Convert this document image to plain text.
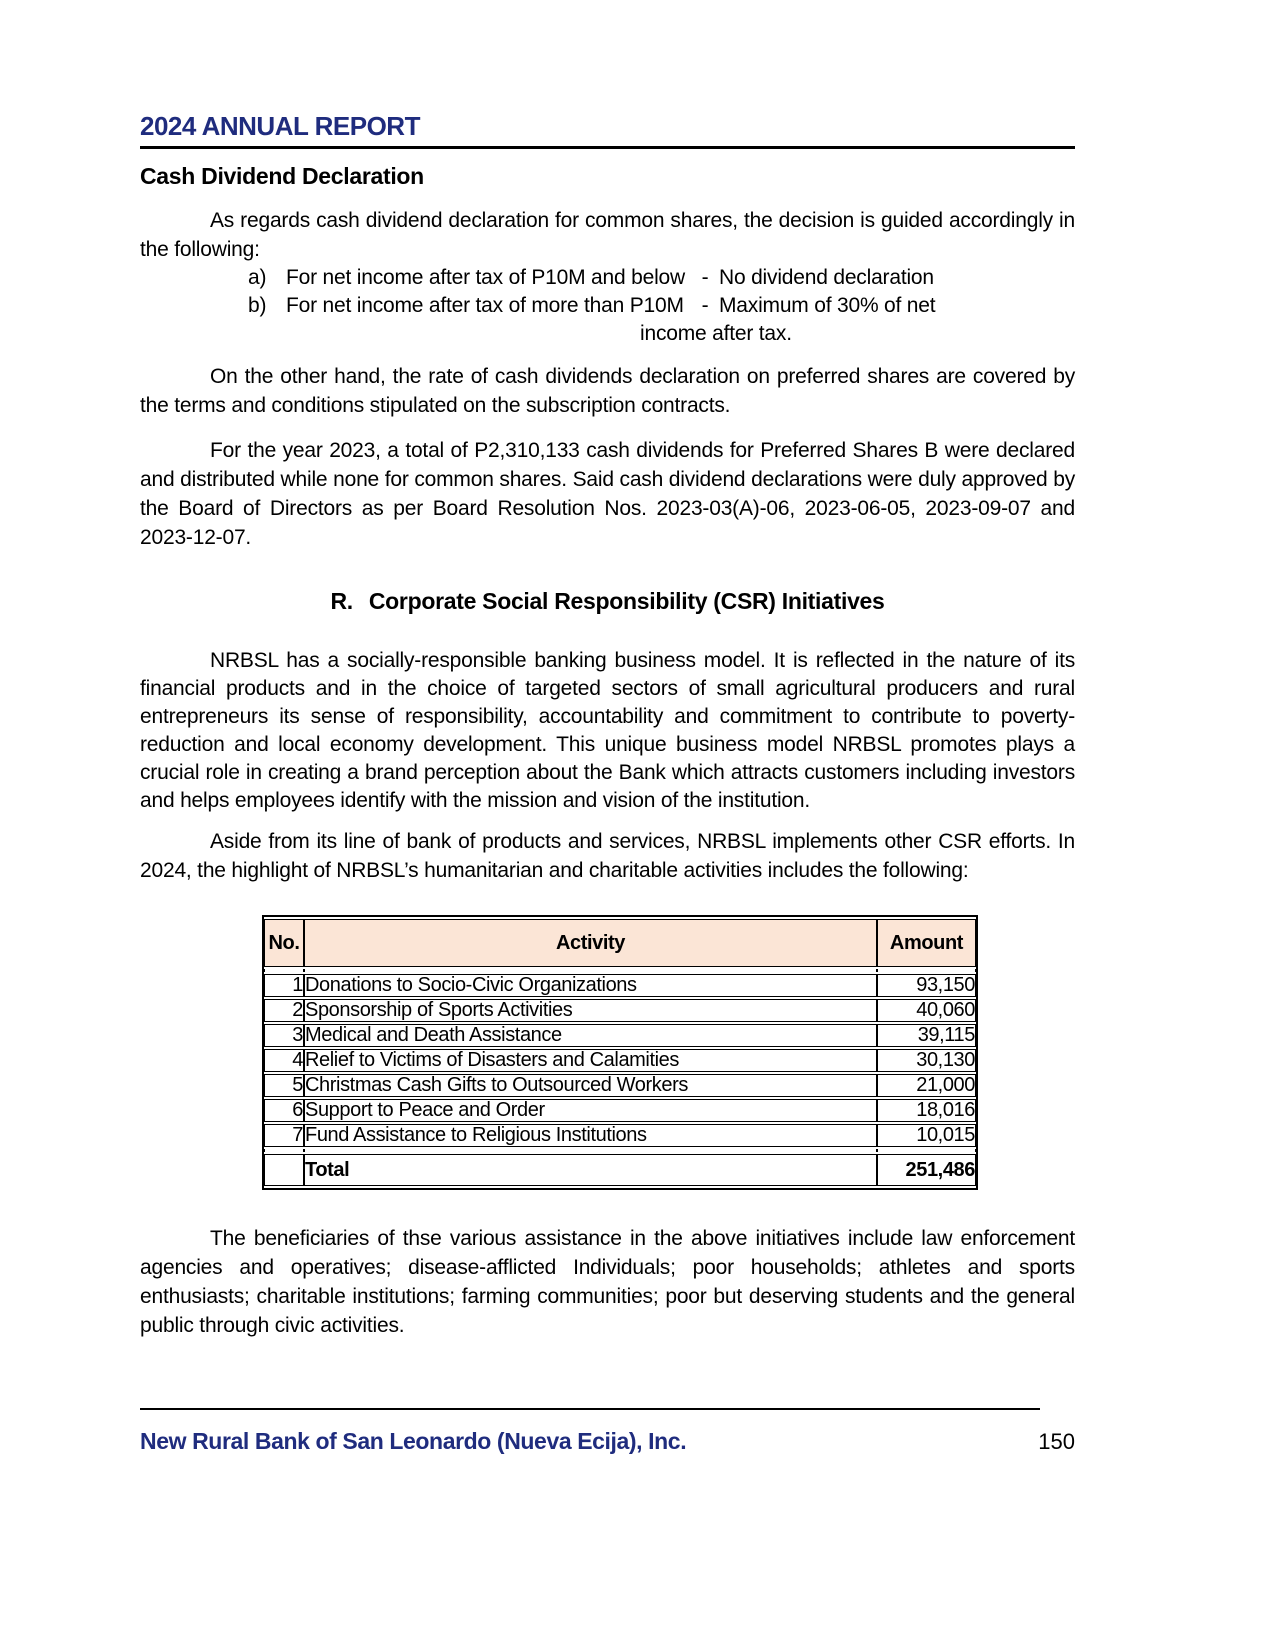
2024 ANNUAL REPORT
Cash Dividend Declaration

As regards cash dividend declaration for common shares, the decision is guided accordingly in the following:

a) For net income after tax of P10M and below - No dividend declaration
b) For net income after tax of more than P10M - Maximum of 30% of net
income after tax.

On the other hand, the rate of cash dividends declaration on preferred shares are covered by the terms and conditions stipulated on the subscription contracts.

For the year 2023, a total of P2,310,133 cash dividends for Preferred Shares B were declared and distributed while none for common shares. Said cash dividend declarations were duly approved by the Board of Directors as per Board Resolution Nos. 2023-03(A)-06, 2023-06-05, 2023-09-07 and 2023-12-07.

R. Corporate Social Responsibility (CSR) Initiatives

NRBSL has a socially-responsible banking business model. It is reflected in the nature of its financial products and in the choice of targeted sectors of small agricultural producers and rural entrepreneurs its sense of responsibility, accountability and commitment to contribute to poverty-reduction and local economy development. This unique business model NRBSL promotes plays a crucial role in creating a brand perception about the Bank which attracts customers including investors and helps employees identify with the mission and vision of the institution.

Aside from its line of bank of products and services, NRBSL implements other CSR efforts. In 2024, the highlight of NRBSL’s humanitarian and charitable activities includes the following:

No.	Activity	Amount

1	Donations to Socio-Civic Organizations	93,150
2	Sponsorship of Sports Activities	40,060
3	Medical and Death Assistance	39,115
4	Relief to Victims of Disasters and Calamities	30,130
5	Christmas Cash Gifts to Outsourced Workers	21,000
6	Support to Peace and Order	18,016
7	Fund Assistance to Religious Institutions	10,015

	Total	251,486

The beneficiaries of thse various assistance in the above initiatives include law enforcement agencies and operatives; disease-afflicted Individuals; poor households; athletes and sports enthusiasts; charitable institutions; farming communities; poor but deserving students and the general public through civic activities.

New Rural Bank of San Leonardo (Nueva Ecija), Inc.	150
